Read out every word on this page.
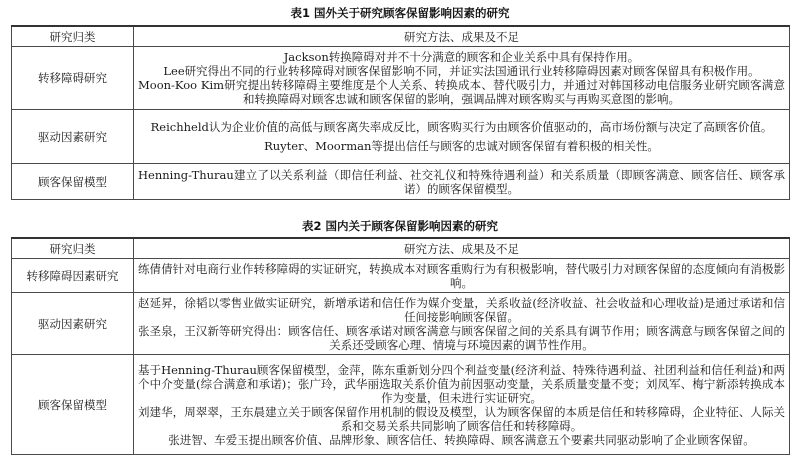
表1 国外关于研究顾客保留影响因素的研究
研究归类	研究方法、成果及不足
转移障碍研究	Jackson转换障碍对并不十分满意的顾客和企业关系中具有保持作用。
Lee研究得出不同的行业转移障碍对顾客保留影响不同，并证实法国通讯行业转移障碍因素对顾客保留具有积极作用。
Moon-Koo Kim研究提出转移障碍主要维度是个人关系、转换成本、替代吸引力，并通过对韩国移动电信服务业研究顾客满意和转换障碍对顾客忠诚和顾客保留的影响，强调品牌对顾客购买与再购买意图的影响。

驱动因素研究	Reichheld认为企业价值的高低与顾客离失率成反比，顾客购买行为由顾客价值驱动的，高市场份额与决定了高顾客价值。
Ruyter、Moorman等提出信任与顾客的忠诚对顾客保留有着积极的相关性。

顾客保留模型	Henning-Thurau建立了以关系利益（即信任利益、社交礼仪和特殊待遇利益）和关系质量（即顾客满意、顾客信任、顾客承诺）的顾客保留模型。
表2 国内关于顾客保留影响因素的研究
研究归类	研究方法、成果及不足
转移障碍因素研究	练倩倩针对电商行业作转移障碍的实证研究，转换成本对顾客重购行为有积极影响，替代吸引力对顾客保留的态度倾向有消极影响。

驱动因素研究	赵延昇，徐韬以零售业做实证研究，新增承诺和信任作为媒介变量，关系收益(经济收益、社会收益和心理收益)是通过承诺和信任间接影响顾客保留。
张圣泉，王汉新等研究得出：顾客信任、顾客承诺对顾客满意与顾客保留之间的关系具有调节作用；顾客满意与顾客保留之间的关系还受顾客心理、情境与环境因素的调节性作用。

顾客保留模型	基于Henning-Thurau顾客保留模型，金萍，陈东重新划分四个利益变量(经济利益、特殊待遇利益、社团利益和信任利益)和两个中介变量(综合满意和承诺)；张广玲，武华丽选取关系价值为前因驱动变量，关系质量变量不变；刘凤军、梅宁新添转换成本作为变量，但未进行实证研究。
刘建华，周翠翠，王东晨建立关于顾客保留作用机制的假设及模型，认为顾客保留的本质是信任和转移障碍，企业特征、人际关系和交易关系共同影响了顾客信任和转移障碍。
张进智、车爱玉提出顾客价值、品牌形象、顾客信任、转换障碍、顾客满意五个要素共同驱动影响了企业顾客保留。
